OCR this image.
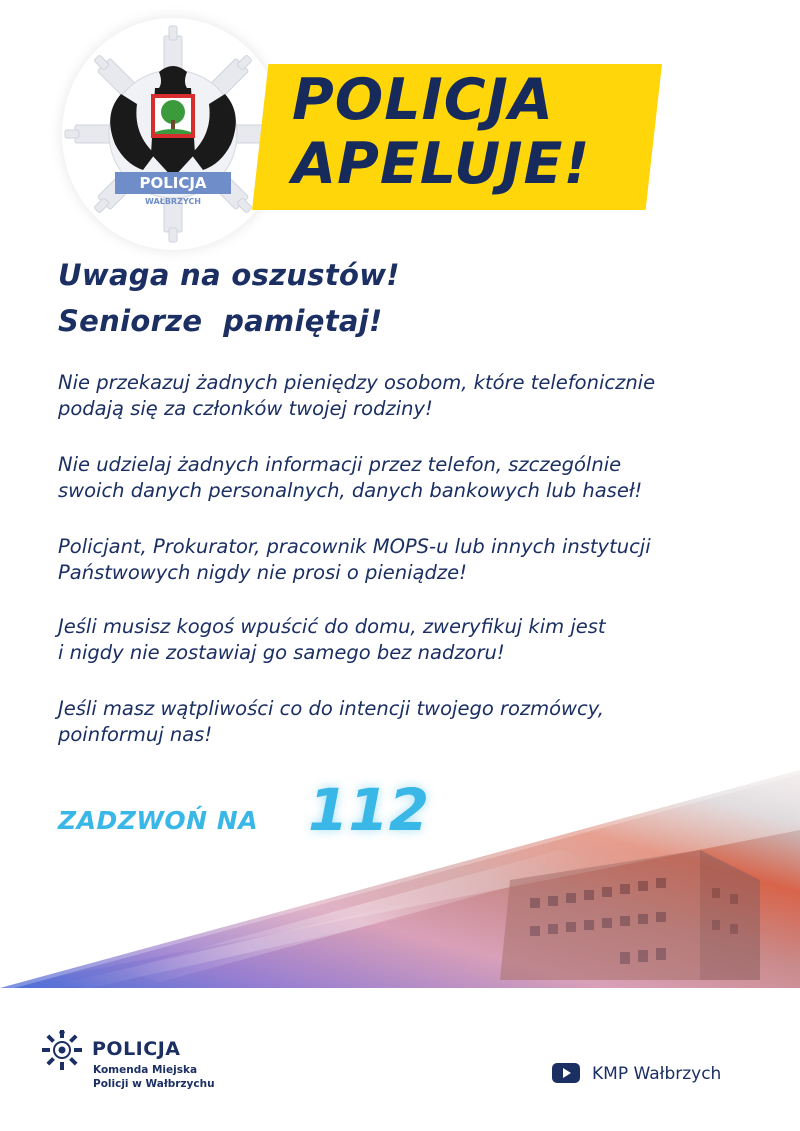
POLICJA
WAŁBRZYCH
POLICJA
APELUJE!
Uwaga na oszustów!
Seniorze  pamiętaj!
Nie przekazuj żadnych pieniędzy osobom, które telefonicznie
podają się za członków twojej rodziny!
Nie udzielaj żadnych informacji przez telefon, szczególnie
swoich danych personalnych, danych bankowych lub haseł!
Policjant, Prokurator, pracownik MOPS-u lub innych instytucji
Państwowych nigdy nie prosi o pieniądze!
Jeśli musisz kogoś wpuścić do domu, zweryfikuj kim jest
i nigdy nie zostawiaj go samego bez nadzoru!
Jeśli masz wątpliwości co do intencji twojego rozmówcy,
poinformuj nas!
ZADZWOŃ NA 112
POLICJA
Komenda Miejska
Policji w Wałbrzychu	KMP Wałbrzych
